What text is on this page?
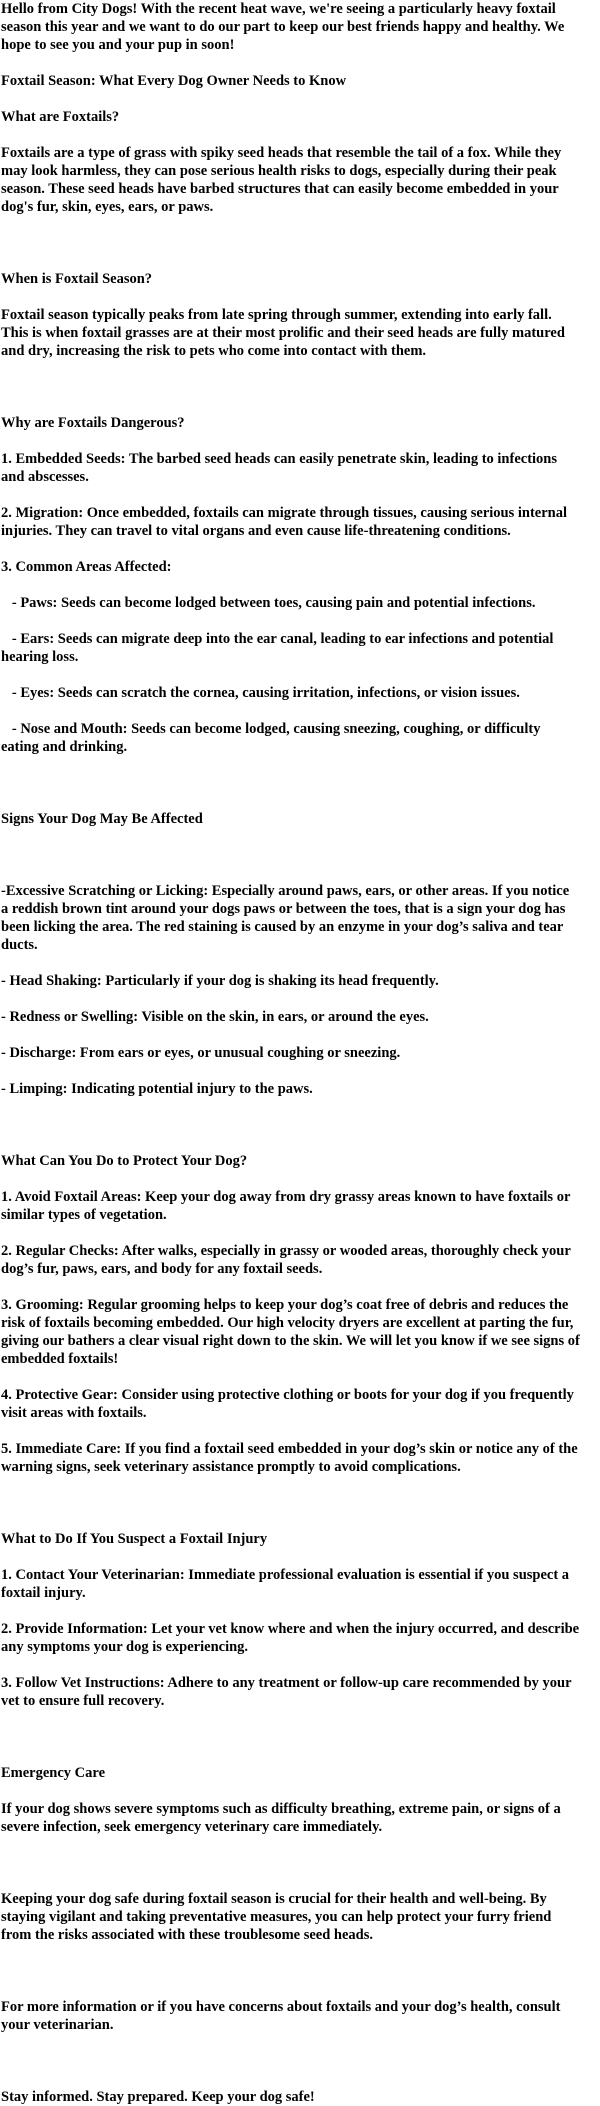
Hello from City Dogs! With the recent heat wave, we're seeing a particularly heavy foxtail season this year and we want to do our part to keep our best friends happy and healthy. We hope to see you and your pup in soon!

Foxtail Season: What Every Dog Owner Needs to Know

What are Foxtails?

Foxtails are a type of grass with spiky seed heads that resemble the tail of a fox. While they may look harmless, they can pose serious health risks to dogs, especially during their peak season. These seed heads have barbed structures that can easily become embedded in your dog's fur, skin, eyes, ears, or paws.

When is Foxtail Season?

Foxtail season typically peaks from late spring through summer, extending into early fall. This is when foxtail grasses are at their most prolific and their seed heads are fully matured and dry, increasing the risk to pets who come into contact with them.

Why are Foxtails Dangerous?

1. Embedded Seeds: The barbed seed heads can easily penetrate skin, leading to infections and abscesses.

2. Migration: Once embedded, foxtails can migrate through tissues, causing serious internal injuries. They can travel to vital organs and even cause life-threatening conditions.

3. Common Areas Affected:

- Paws: Seeds can become lodged between toes, causing pain and potential infections.

- Ears: Seeds can migrate deep into the ear canal, leading to ear infections and potential hearing loss.

- Eyes: Seeds can scratch the cornea, causing irritation, infections, or vision issues.

- Nose and Mouth: Seeds can become lodged, causing sneezing, coughing, or difficulty eating and drinking.

Signs Your Dog May Be Affected

-Excessive Scratching or Licking: Especially around paws, ears, or other areas. If you notice  a reddish brown tint around your dogs paws or between the toes, that is a sign your dog has been licking the area. The red staining is caused by an enzyme in your dog’s saliva and tear ducts.

- Head Shaking: Particularly if your dog is shaking its head frequently.

- Redness or Swelling: Visible on the skin, in ears, or around the eyes.

- Discharge: From ears or eyes, or unusual coughing or sneezing.

- Limping: Indicating potential injury to the paws.

What Can You Do to Protect Your Dog?

1. Avoid Foxtail Areas: Keep your dog away from dry grassy areas known to have foxtails or similar types of vegetation.

2. Regular Checks: After walks, especially in grassy or wooded areas, thoroughly check your dog’s fur, paws, ears, and body for any foxtail seeds.

3. Grooming: Regular grooming helps to keep your dog’s coat free of debris and reduces the risk of foxtails becoming embedded. Our high velocity dryers are excellent at parting the fur, giving our bathers a clear visual right down to the skin. We will let you know if we see signs of embedded foxtails!

4. Protective Gear: Consider using protective clothing or boots for your dog if you frequently visit areas with foxtails.

5. Immediate Care: If you find a foxtail seed embedded in your dog’s skin or notice any of the warning signs, seek veterinary assistance promptly to avoid complications.

What to Do If You Suspect a Foxtail Injury

1. Contact Your Veterinarian: Immediate professional evaluation is essential if you suspect a foxtail injury.

2. Provide Information: Let your vet know where and when the injury occurred, and describe any symptoms your dog is experiencing.

3. Follow Vet Instructions: Adhere to any treatment or follow-up care recommended by your vet to ensure full recovery.

Emergency Care

If your dog shows severe symptoms such as difficulty breathing, extreme pain, or signs of a severe infection, seek emergency veterinary care immediately.

Keeping your dog safe during foxtail season is crucial for their health and well-being. By staying vigilant and taking preventative measures, you can help protect your furry friend from the risks associated with these troublesome seed heads.

For more information or if you have concerns about foxtails and your dog’s health, consult your veterinarian.

Stay informed. Stay prepared. Keep your dog safe!
